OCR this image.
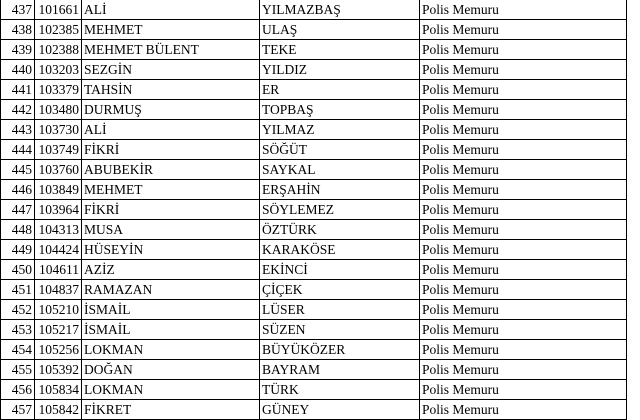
437	101661	ALİ	YILMAZBAŞ	Polis Memuru
438	102385	MEHMET	ULAŞ	Polis Memuru
439	102388	MEHMET BÜLENT	TEKE	Polis Memuru
440	103203	SEZGİN	YILDIZ	Polis Memuru
441	103379	TAHSİN	ER	Polis Memuru
442	103480	DURMUŞ	TOPBAŞ	Polis Memuru
443	103730	ALİ	YILMAZ	Polis Memuru
444	103749	FİKRİ	SÖĞÜT	Polis Memuru
445	103760	ABUBEKİR	SAYKAL	Polis Memuru
446	103849	MEHMET	ERŞAHİN	Polis Memuru
447	103964	FİKRİ	SÖYLEMEZ	Polis Memuru
448	104313	MUSA	ÖZTÜRK	Polis Memuru
449	104424	HÜSEYİN	KARAKÖSE	Polis Memuru
450	104611	AZİZ	EKİNCİ	Polis Memuru
451	104837	RAMAZAN	ÇİÇEK	Polis Memuru
452	105210	İSMAİL	LÜSER	Polis Memuru
453	105217	İSMAİL	SÜZEN	Polis Memuru
454	105256	LOKMAN	BÜYÜKÖZER	Polis Memuru
455	105392	DOĞAN	BAYRAM	Polis Memuru
456	105834	LOKMAN	TÜRK	Polis Memuru
457	105842	FİKRET	GÜNEY	Polis Memuru
